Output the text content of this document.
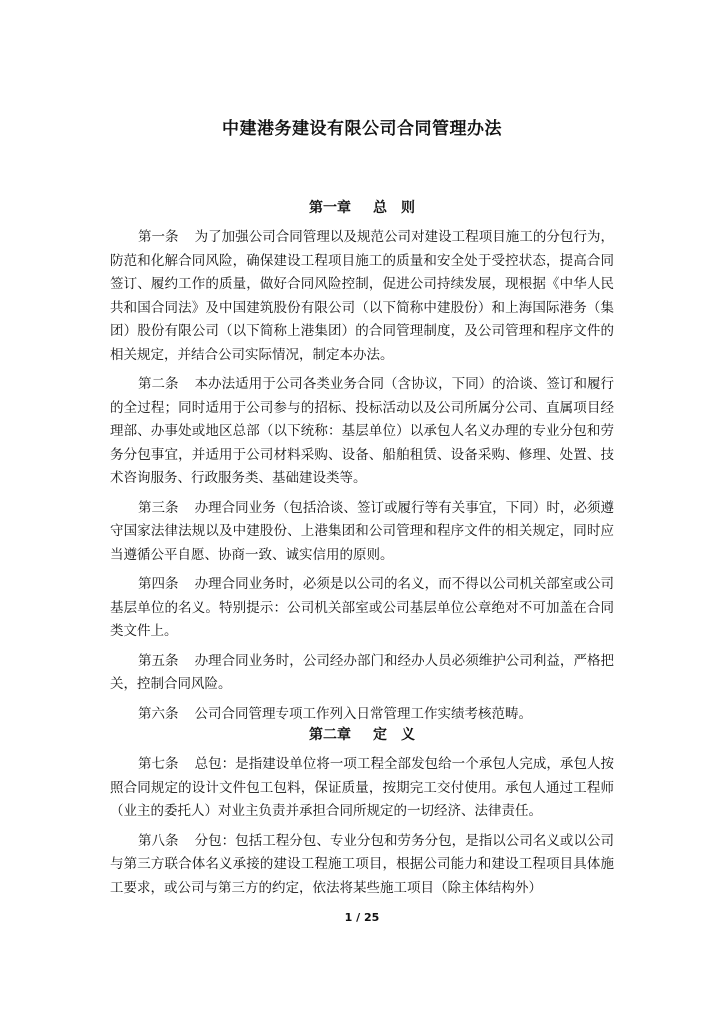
中建港务建设有限公司合同管理办法
第一章 总　则

第一条 为了加强公司合同管理以及规范公司对建设工程项目施工的分包行为，防范和化解合同风险，确保建设工程项目施工的质量和安全处于受控状态，提高合同签订、履约工作的质量，做好合同风险控制，促进公司持续发展，现根据《中华人民共和国合同法》及中国建筑股份有限公司（以下简称中建股份）和上海国际港务（集团）股份有限公司（以下简称上港集团）的合同管理制度，及公司管理和程序文件的相关规定，并结合公司实际情况，制定本办法。

第二条 本办法适用于公司各类业务合同（含协议，下同）的洽谈、签订和履行的全过程；同时适用于公司参与的招标、投标活动以及公司所属分公司、直属项目经理部、办事处或地区总部（以下统称：基层单位）以承包人名义办理的专业分包和劳务分包事宜，并适用于公司材料采购、设备、船舶租赁、设备采购、修理、处置、技术咨询服务、行政服务类、基础建设类等。

第三条 办理合同业务（包括洽谈、签订或履行等有关事宜，下同）时，必须遵守国家法律法规以及中建股份、上港集团和公司管理和程序文件的相关规定，同时应当遵循公平自愿、协商一致、诚实信用的原则。

第四条 办理合同业务时，必须是以公司的名义，而不得以公司机关部室或公司基层单位的名义。特别提示：公司机关部室或公司基层单位公章绝对不可加盖在合同类文件上。

第五条 办理合同业务时，公司经办部门和经办人员必须维护公司利益，严格把关，控制合同风险。

第六条 公司合同管理专项工作列入日常管理工作实绩考核范畴。

第二章 定　义

第七条 总包：是指建设单位将一项工程全部发包给一个承包人完成，承包人按照合同规定的设计文件包工包料，保证质量，按期完工交付使用。承包人通过工程师（业主的委托人）对业主负责并承担合同所规定的一切经济、法律责任。

第八条 分包：包括工程分包、专业分包和劳务分包，是指以公司名义或以公司与第三方联合体名义承接的建设工程施工项目，根据公司能力和建设工程项目具体施工要求，或公司与第三方的约定，依法将某些施工项目（除主体结构外）

1 / 25
